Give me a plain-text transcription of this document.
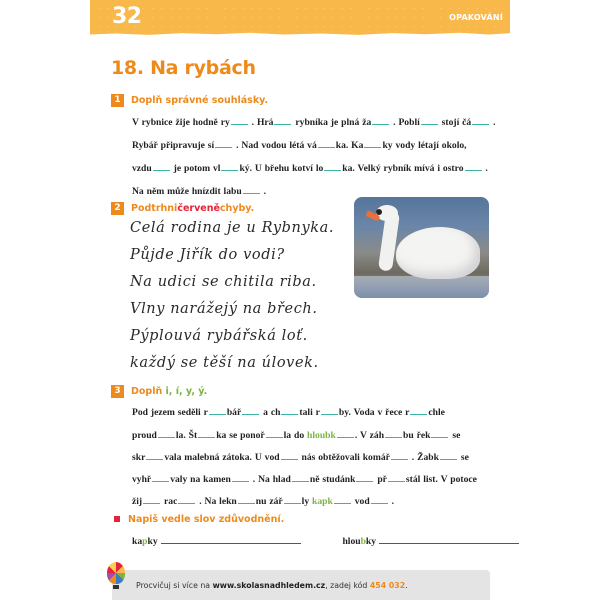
32	OPAKOVÁNÍ
18. Na rybách
1	Doplň správné souhlásky.
V rybnice žije hodně ry . Hrá rybníka je plná ža . Poblí stojí čá .
Rybář připravuje sí . Nad vodou létá vá ka. Ka ky vody létají okolo,
vzdu je potom vl ký. U břehu kotví lo ka. Velký rybník mívá i ostro .
Na něm může hnízdit labu .
2	Podtrhni červeně chyby.

Celá rodina je u Rybnyka.
Půjde Jiřík do vodi?
Na udici se chitila riba.
Vlny narážejý na břech.
Pýplouvá rybářská loť.
každý se těší na úlovek.
3	Doplň
i, í, y, ý.
Pod jezem seděli r bář a ch tali r by. Voda v řece r chle
proud la. Št ka se ponoř la do hloubk . V záh bu řek se
skr vala malebná zátoka. U vod nás obtěžovali komář . Žabk se
vyhř valy na kamen . Na hlad ně studánk př stál list. V potoce
žij rac . Na lekn nu zář ly kapk vod .
Napiš vedle slov zdůvodnění.
kapky	hloubky
Procvičuj si více na www.skolasnadhledem.cz, zadej kód 454 032.
